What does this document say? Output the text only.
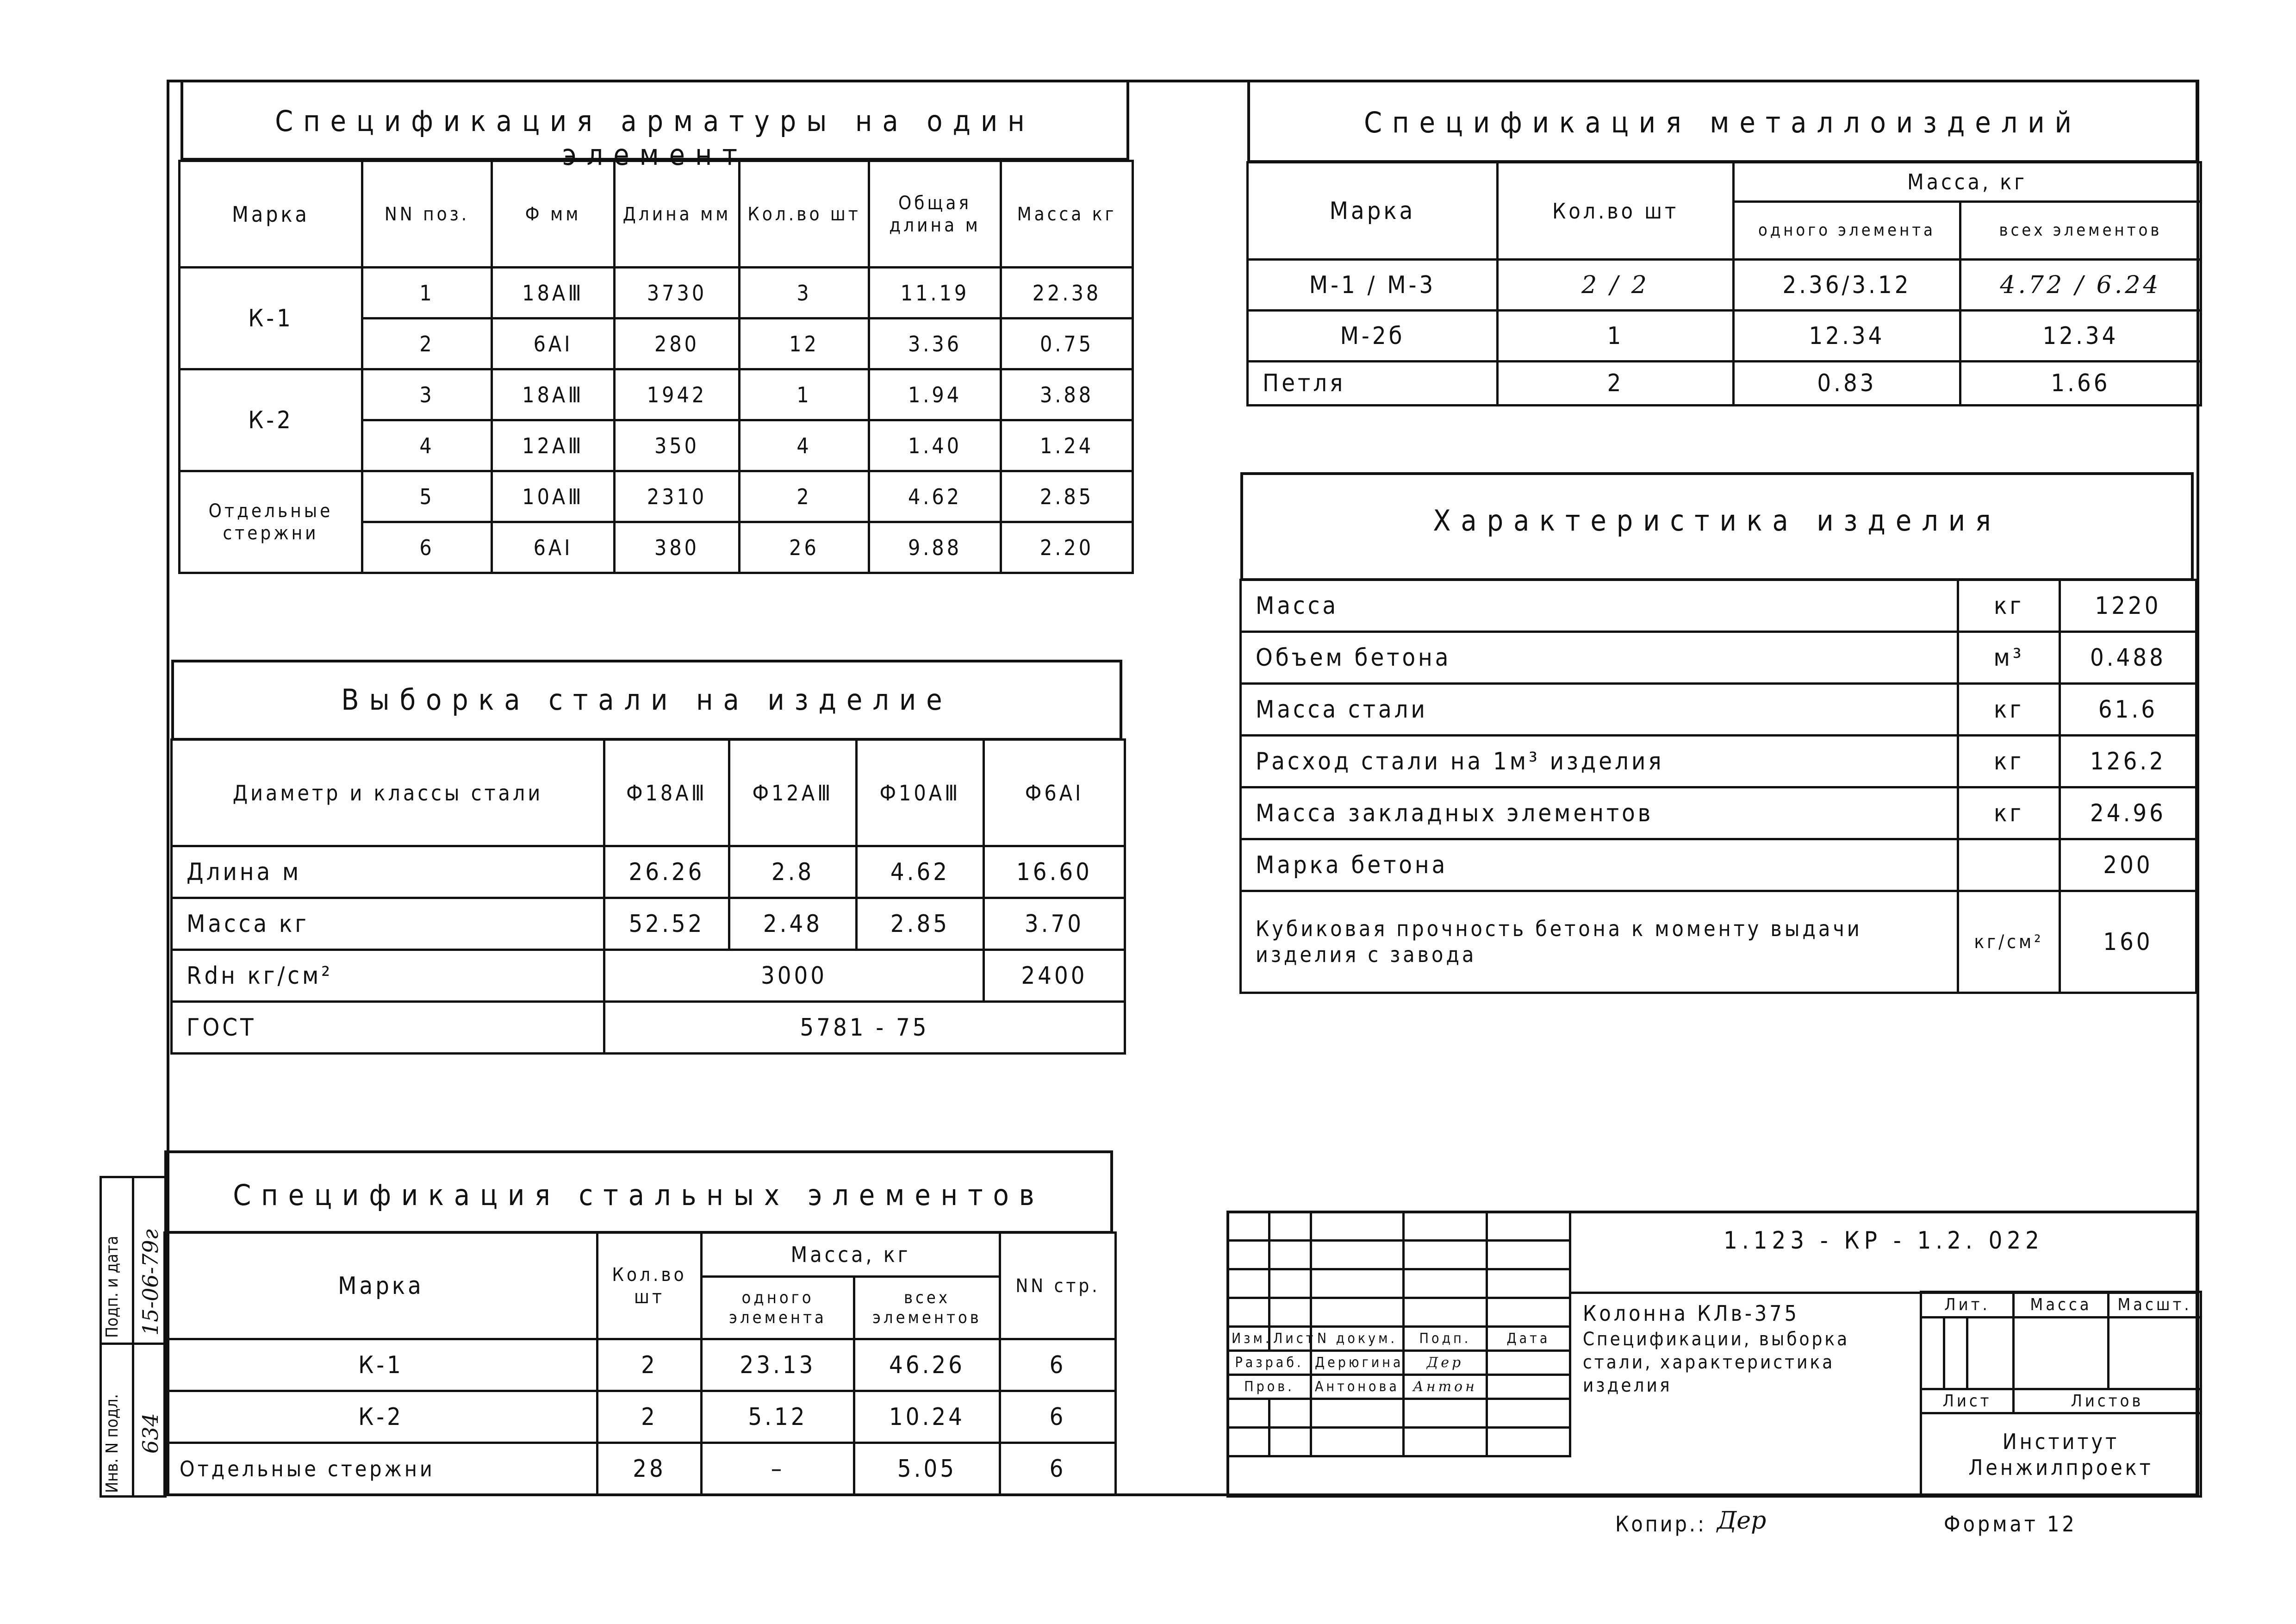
Спецификация арматуры на один элемент
Марка	NN поз.	Ф мм	Длина мм	Кол.во шт	Общая длина м	Масса кг
К-1	1	18АⅢ	3730	3	11.19	22.38
	2	6АⅠ	280	12	3.36	0.75
К-2	3	18АⅢ	1942	1	1.94	3.88
	4	12АⅢ	350	4	1.40	1.24
Отдельные стержни	5	10АⅢ	2310	2	4.62	2.85
	6	6АⅠ	380	26	9.88	2.20
Выборка стали на изделие
Диаметр и классы стали	Ф18АⅢ	Ф12АⅢ	Ф10АⅢ	Ф6АⅠ
Длина м	26.26	2.8	4.62	16.60
Масса кг	52.52	2.48	2.85	3.70
Rdн кг/см²	3000			2400
ГОСТ	5781 - 75			
Спецификация стальных элементов
Марка	Кол.во шт	Масса, кг		NN стр.
		одного элемента	всех элементов	
К-1	2	23.13	46.26	6
К-2	2	5.12	10.24	6
Отдельные стержни	28	–	5.05	6
Инв. N подл.
Подп. и дата
634
15-06-79г
Спецификация металлоизделий
Марка	Кол.во шт	Масса, кг	
		одного элемента	всех элементов
М-1 / М-3	2 / 2	2.36/3.12	4.72 / 6.24
М-2б	1	12.34	12.34
Петля	2	0.83	1.66
Характеристика изделия
Масса	кг	1220
Объем бетона	м³	0.488
Масса стали	кг	61.6
Расход стали на 1м³ изделия	кг	126.2
Масса закладных элементов	кг	24.96
Марка бетона		200
Кубиковая прочность бетона к моменту выдачи изделия с завода	кг/см²	160

Изм.	Лист	N докум.	Подп.	Дата
Разраб.		Дерюгина	Дер	
Пров.		Антонова	Антон	

1.123 - КР - 1.2. 022
Колонна КЛв-375
Спецификации, выборка
стали, характеристика
изделия
Лит.			Масса	Масшт.

Лист			Листов	

Институт
Ленжилпроект				
Копир.: Дер	Формат 12
